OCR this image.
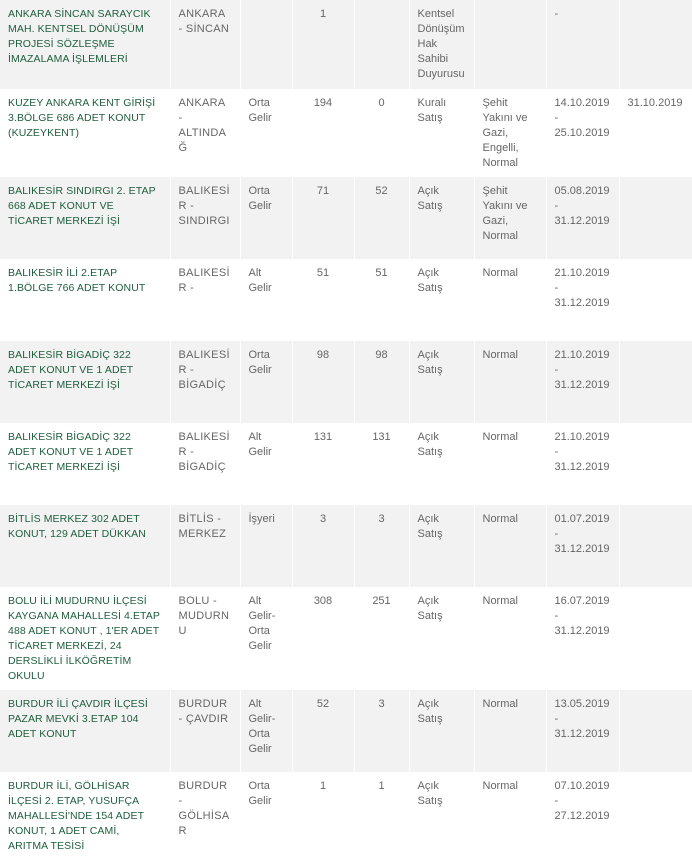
ANKARA SİNCAN SARAYCIK MAH. KENTSEL DÖNÜŞÜM PROJESİ SÖZLEŞME İMAZALAMA İŞLEMLERİ	ANKARA - SİNCAN		1		Kentsel Dönüşüm Hak Sahibi Duyurusu		-	
KUZEY ANKARA KENT GİRİŞİ 3.BÖLGE 686 ADET KONUT (KUZEYKENT)	ANKARA - ALTINDAĞ	Orta Gelir	194	0	Kuralı Satış	Şehit Yakını ve Gazi, Engelli, Normal	14.10.2019 - 25.10.2019	31.10.2019
BALIKESİR SINDIRGI 2. ETAP 668 ADET KONUT VE TİCARET MERKEZİ İŞİ	BALIKESİR - SINDIRGI	Orta Gelir	71	52	Açık Satış	Şehit Yakını ve Gazi, Normal	05.08.2019 - 31.12.2019	
BALIKESİR İLİ 2.ETAP 1.BÖLGE 766 ADET KONUT	BALIKESİR -	Alt Gelir	51	51	Açık Satış	Normal	21.10.2019 - 31.12.2019	
BALIKESİR BİGADİÇ 322 ADET KONUT VE 1 ADET TİCARET MERKEZİ İŞİ	BALIKESİR - BİGADİÇ	Orta Gelir	98	98	Açık Satış	Normal	21.10.2019 - 31.12.2019	
BALIKESİR BİGADİÇ 322 ADET KONUT VE 1 ADET TİCARET MERKEZİ İŞİ	BALIKESİR - BİGADİÇ	Alt Gelir	131	131	Açık Satış	Normal	21.10.2019 - 31.12.2019	
BİTLİS MERKEZ 302 ADET KONUT, 129 ADET DÜKKAN	BİTLİS - MERKEZ	İşyeri	3	3	Açık Satış	Normal	01.07.2019 - 31.12.2019	
BOLU İLİ MUDURNU İLÇESİ KAYGANA MAHALLESİ 4.ETAP 488 ADET KONUT , 1'ER ADET TİCARET MERKEZİ, 24 DERSLİKLİ İLKÖĞRETİM OKULU	BOLU - MUDURNU	Alt Gelir-Orta Gelir	308	251	Açık Satış	Normal	16.07.2019 - 31.12.2019	
BURDUR İLİ ÇAVDIR İLÇESİ PAZAR MEVKİ 3.ETAP 104 ADET KONUT	BURDUR - ÇAVDIR	Alt Gelir-Orta Gelir	52	3	Açık Satış	Normal	13.05.2019 - 31.12.2019	
BURDUR İLİ, GÖLHİSAR İLÇESİ 2. ETAP, YUSUFÇA MAHALLESİ'NDE 154 ADET KONUT, 1 ADET CAMİ, ARITMA TESİSİ	BURDUR - GÖLHİSAR	Orta Gelir	1	1	Açık Satış	Normal	07.10.2019 - 27.12.2019	
